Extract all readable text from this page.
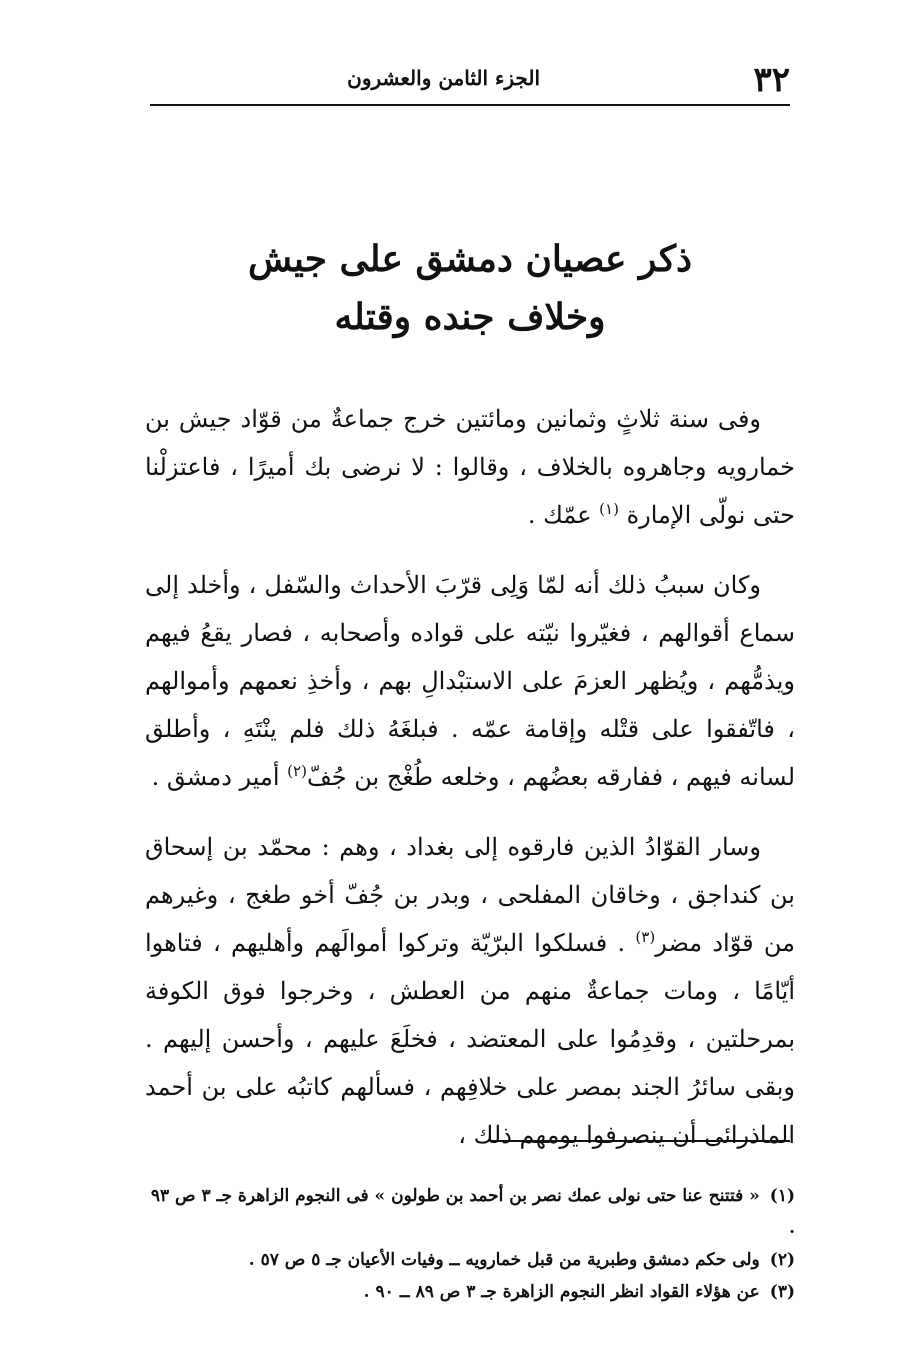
٣٢
الجزء الثامن والعشرون
ذكر عصيان دمشق على جيش
وخلاف جنده وقتله

وفى سنة ثلاثٍ وثمانين ومائتين خرج جماعةٌ من قوّاد جيش بن خمارويه وجاهروه بالخلاف ، وقالوا : لا نرضى بك أميرًا ، فاعتزلْنا حتى نولّى الإمارة $^{(١)}$ عمّك .

وكان سببُ ذلك أنه لمّا وَلِى قرّبَ الأحداث والسّفل ، وأخلد إلى سماع أقوالهم ، فغيّروا نيّته على قواده وأصحابه ، فصار يقعُ فيهم ويذمُّهم ، ويُظهر العزمَ على الاستبْدالِ بهم ، وأخذِ نعمهم وأموالهم ، فاتّفقوا على قتْله وإقامة عمّه . فبلغَهُ ذلك فلم ينْتَهِ ، وأطلق لسانه فيهم ، ففارقه بعضُهم ، وخلعه طُغْج بن جُفّ$^{(٢)}$ أمير دمشق .

وسار القوّادُ الذين فارقوه إلى بغداد ، وهم : محمّد بن إسحاق بن كنداجق ، وخاقان المفلحى ، وبدر بن جُفّ أخو طغج ، وغيرهم من قوّاد مضر$^{(٣)}$ . فسلكوا البرّيّة وتركوا أموالَهم وأهليهم ، فتاهوا أيّامًا ، ومات جماعةٌ منهم من العطش ، وخرجوا فوق الكوفة بمرحلتين ، وقدِمُوا على المعتضد ، فخلَعَ عليهم ، وأحسن إليهم . وبقى سائرُ الجند بمصر على خلافِهم ، فسألهم كاتبُه على بن أحمد الماذرائى أن ينصرفوا يومهم ذلك ،

(١)« فتتنح عنا حتى نولى عمك نصر بن أحمد بن طولون » فى النجوم الزاهرة جـ ٣ ص ٩٣ .

(٢)ولى حكم دمشق وطبرية من قبل خمارويه ــ وفيات الأعيان جـ ٥ ص ٥٧ .

(٣)عن هؤلاء القواد انظر النجوم الزاهرة جـ ٣ ص ٨٩ ــ ٩٠ .
